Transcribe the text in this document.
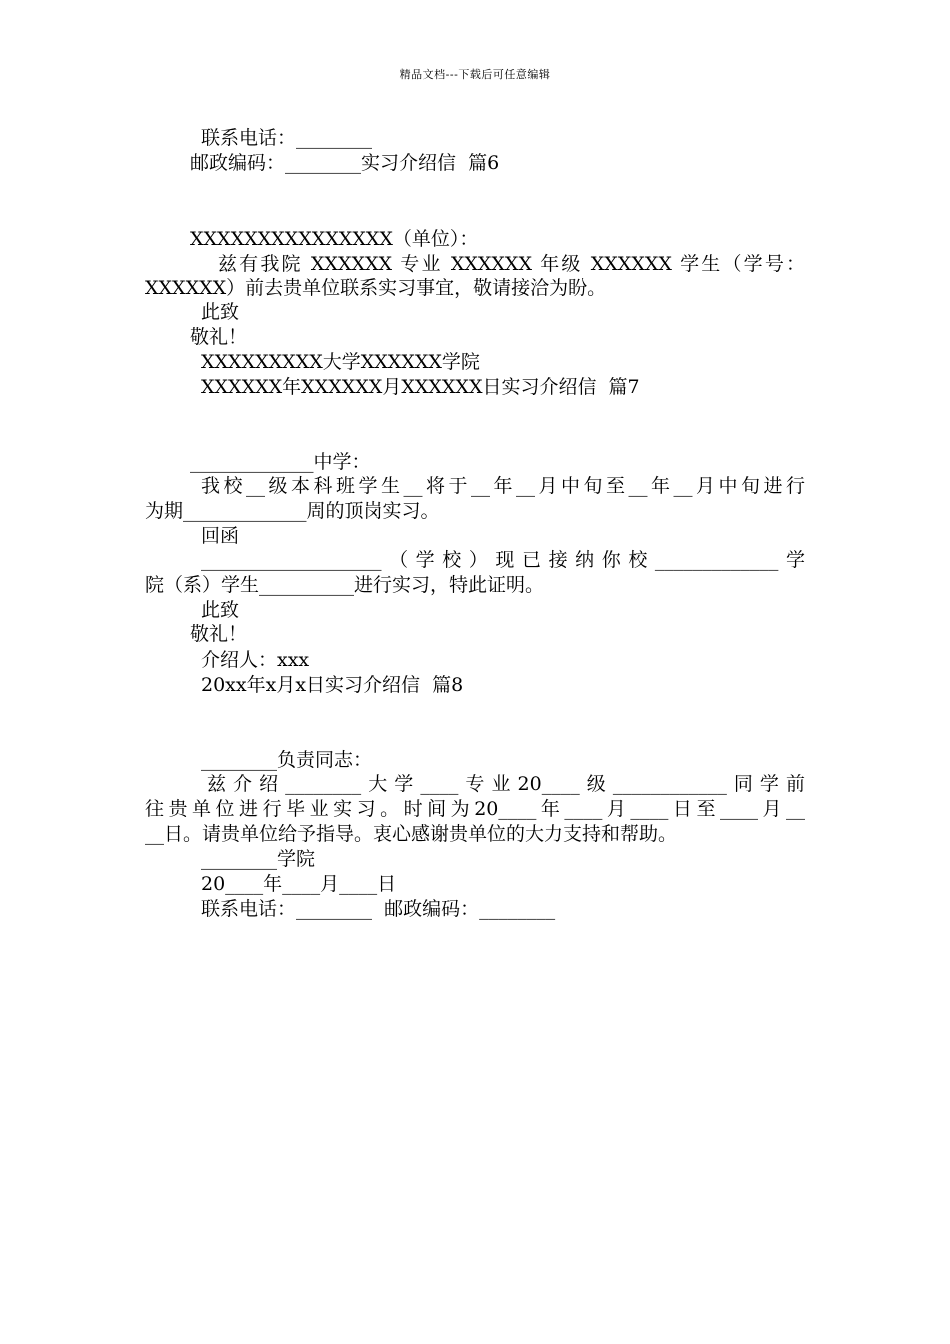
精品文档---下载后可任意编辑
联系电话：________
邮政编码：________实习介绍信  篇6
XXXXXXXXXXXXXXX（单位）：
兹有我院 XXXXXX 专业 XXXXXX 年级 XXXXXX 学生（学号：
XXXXXX）前去贵单位联系实习事宜，敬请接洽为盼。
此致
敬礼！
XXXXXXXXX大学XXXXXX学院
XXXXXX年XXXXXX月XXXXXX日实习介绍信  篇7
_____________中学：
我校__级本科班学生__将于__年__月中旬至__年__月中旬进行
为期_____________周的顶岗实习。
回函
___________________（学校）现已接纳你校_____________学
院（系）学生__________进行实习，特此证明。
此致
敬礼！
介绍人：xxx
20xx年x月x日实习介绍信  篇8
________负责同志：
兹介绍________大学____专业20____级____________同学前
往贵单位进行毕业实习。时间为20____年____月____日至____月__
__日。请贵单位给予指导。衷心感谢贵单位的大力支持和帮助。
________学院
20____年____月____日
联系电话：________  邮政编码：________
